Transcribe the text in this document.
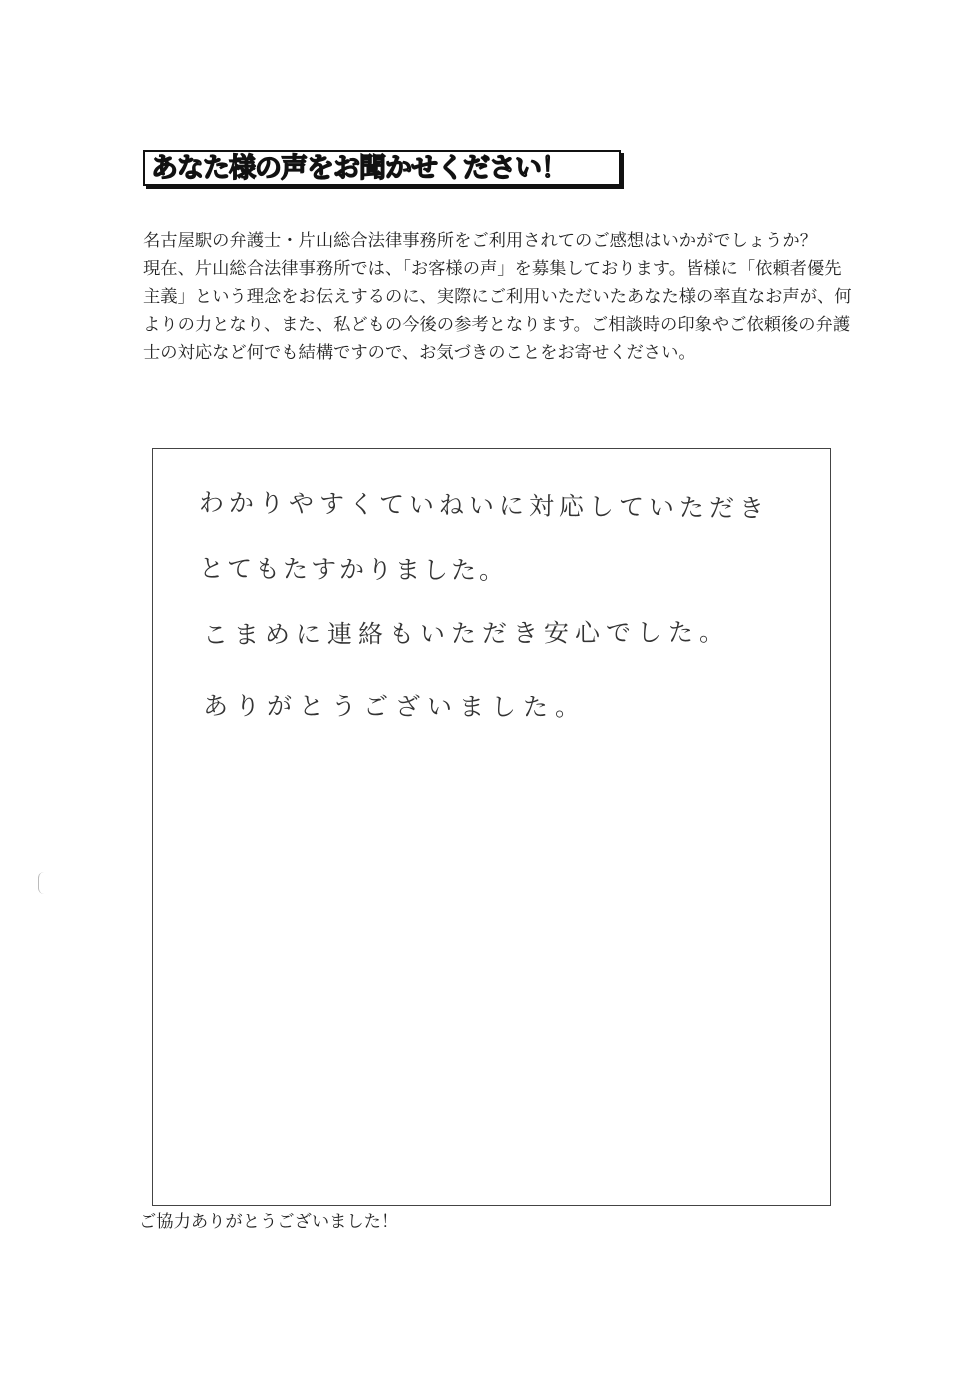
あなた様の声をお聞かせください！

名古屋駅の弁護士・片山総合法律事務所をご利用されてのご感想はいかがでしょうか？

現在、片山総合法律事務所では、「お客様の声」を募集しております。皆様に「依頼者優先主義」という理念をお伝えするのに、実際にご利用いただいたあなた様の率直なお声が、何よりの力となり、また、私どもの今後の参考となります。ご相談時の印象やご依頼後の弁護士の対応など何でも結構ですので、お気づきのことをお寄せください。

わかりやすくていねいに対応していただき
とてもたすかりました。
こまめに連絡もいただき安心でした。
ありがとうございました。
ご協力ありがとうございました！
